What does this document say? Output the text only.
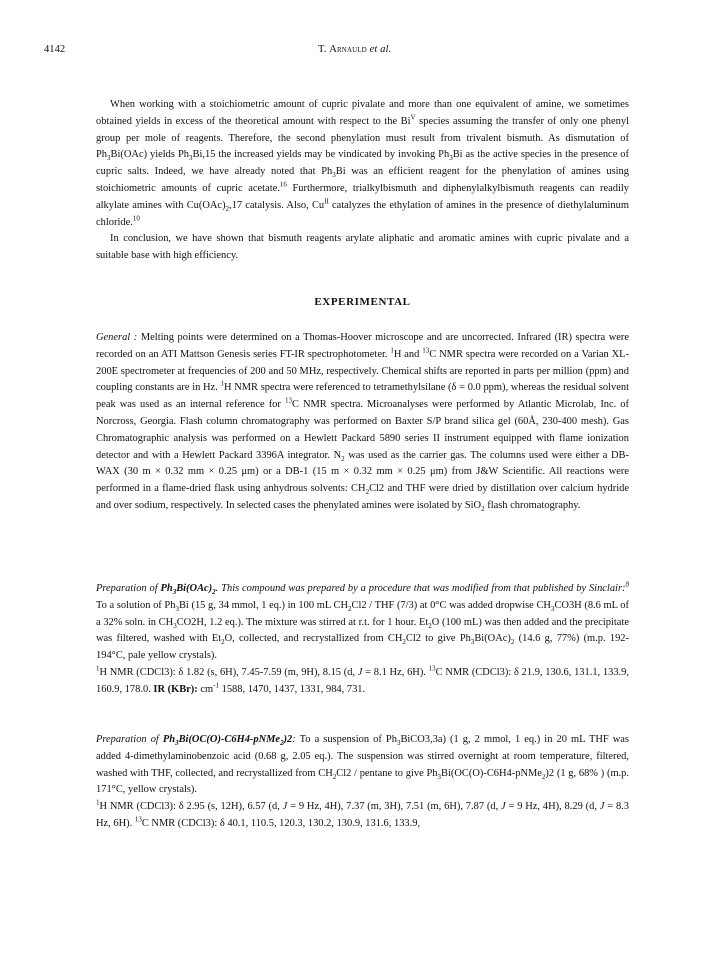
4142	T. Arnauld et al.

When working with a stoichiometric amount of cupric pivalate and more than one equivalent of amine, we sometimes obtained yields in excess of the theoretical amount with respect to the $Bi^V$ species assuming the transfer of only one phenyl group per mole of reagents. Therefore, the second phenylation must result from trivalent bismuth. As dismutation of $Ph_3Bi(OAc)$ yields $Ph_3Bi,15$ the increased yields may be vindicated by invoking $Ph_3Bi$ as the active species in the presence of cupric salts. Indeed, we have already noted that $Ph_3Bi$ was an efficient reagent for the phenylation of amines using stoichiometric amounts of cupric acetate.$^{16}$ Furthermore, trialkylbismuth and diphenylalkylbismuth reagents can readily alkylate amines with $Cu(OAc)_2,17$ catalysis. Also, $Cu^{II}$ catalyzes the ethylation of amines in the presence of diethylaluminum chloride.$^{10}$

In conclusion, we have shown that bismuth reagents arylate aliphatic and aromatic amines with cupric pivalate and a suitable base with high efficiency.

EXPERIMENTAL

General : Melting points were determined on a Thomas-Hoover microscope and are uncorrected. Infrared (IR) spectra were recorded on an ATI Mattson Genesis series FT-IR spectrophotometer. $^1$H and $^{13}$C NMR spectra were recorded on a Varian XL-200E spectrometer at frequencies of 200 and 50 MHz, respectively. Chemical shifts are reported in parts per million (ppm) and coupling constants are in Hz. $^1$H NMR spectra were referenced to tetramethylsilane (δ = 0.0 ppm), whereas the residual solvent peak was used as an internal reference for $^{13}$C NMR spectra. Microanalyses were performed by Atlantic Microlab, Inc. of Norcross, Georgia. Flash column chromatography was performed on Baxter S/P brand silica gel (60Å, 230-400 mesh). Gas Chromatographic analysis was performed on a Hewlett Packard 5890 series II instrument equipped with flame ionization detector and with a Hewlett Packard 3396A integrator. $N_2$ was used as the carrier gas. The columns used were either a DB-WAX (30 m × 0.32 mm × 0.25 μm) or a DB-1 (15 m × 0.32 mm × 0.25 μm) from J&W Scientific. All reactions were performed in a flame-dried flask using anhydrous solvents: $CH_2Cl2$ and THF were dried by distillation over calcium hydride and over sodium, respectively. In selected cases the phenylated amines were isolated by SiO$_2$ flash chromatography.

Preparation of $Ph_3Bi(OAc)_2$. This compound was prepared by a procedure that was modified from that published by Sinclair:$^8$ To a solution of $Ph_3Bi$ (15 g, 34 mmol, 1 eq.) in 100 mL $CH_2Cl2$ / THF (7/3) at 0°C was added dropwise $CH_3CO3H$ (8.6 mL of a 32% soln. in $CH_3CO2H$, 1.2 eq.). The mixture was stirred at r.t. for 1 hour. $Et_2O$ (100 mL) was then added and the precipitate was filtered, washed with $Et_2O$, collected, and recrystallized from $CH_2Cl2$ to give $Ph_3Bi(OAc)_2$ (14.6 g, 77%) (m.p. 192-194°C, pale yellow crystals).

$^1$H NMR (CDCl3): δ 1.82 (s, 6H), 7.45-7.59 (m, 9H), 8.15 (d, J = 8.1 Hz, 6H). $^{13}$C NMR (CDCl3): δ 21.9, 130.6, 131.1, 133.9, 160.9, 178.0. IR (KBr): $cm^{-1}$ 1588, 1470, 1437, 1331, 984, 731.

Preparation of $Ph_3Bi(OC(O)-C6H4-pNMe_2)2$: To a suspension of $Ph_3BiCO3,3a$) (1 g, 2 mmol, 1 eq.) in 20 mL THF was added 4-dimethylaminobenzoic acid (0.68 g, 2.05 eq.). The suspension was stirred overnight at room temperature, filtered, washed with THF, collected, and recrystallized from $CH_2Cl2$ / pentane to give $Ph_3Bi(OC(O)-C6H4-pNMe_2)2$ (1 g, 68% ) (m.p. 171°C, yellow crystals).

$^1$H NMR (CDCl3): δ 2.95 (s, 12H), 6.57 (d, J = 9 Hz, 4H), 7.37 (m, 3H), 7.51 (m, 6H), 7.87 (d, J = 9 Hz, 4H), 8.29 (d, J = 8.3 Hz, 6H). $^{13}$C NMR (CDCl3): δ 40.1, 110.5, 120.3, 130.2, 130.9, 131.6, 133.9,
